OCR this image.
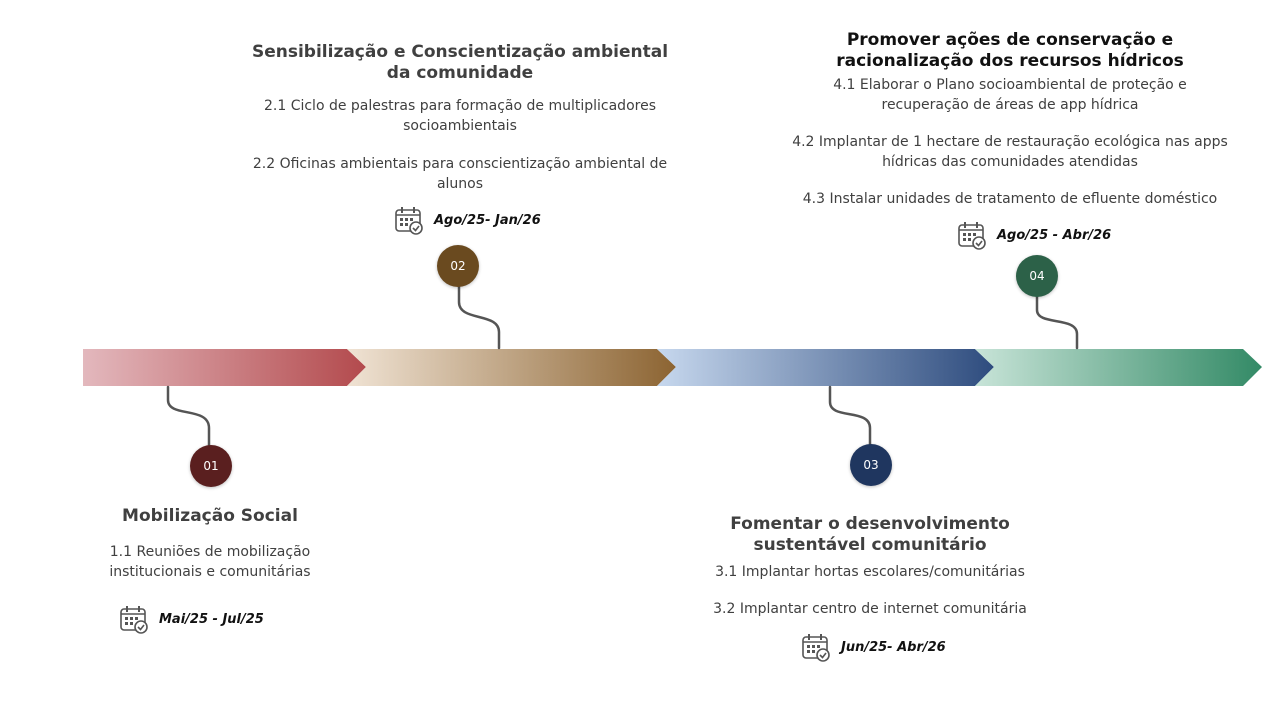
01
02
03
04

Mobilização Social

1.1 Reuniões de mobilização institucionais e comunitárias

Mai/25 - Jul/25

Sensibilização e Conscientização ambiental da comunidade

2.1 Ciclo de palestras para formação de multiplicadores socioambientais

2.2 Oficinas ambientais para conscientização ambiental de alunos

Ago/25- Jan/26

Fomentar o desenvolvimento sustentável comunitário

3.1 Implantar hortas escolares/comunitárias

3.2 Implantar centro de internet comunitária

Jun/25- Abr/26

Promover ações de conservação e racionalização dos recursos hídricos

4.1 Elaborar o Plano socioambiental de proteção e recuperação de áreas de app hídrica

4.2 Implantar de 1 hectare de restauração ecológica nas apps hídricas das comunidades atendidas

4.3 Instalar unidades de tratamento de efluente doméstico

Ago/25 - Abr/26
